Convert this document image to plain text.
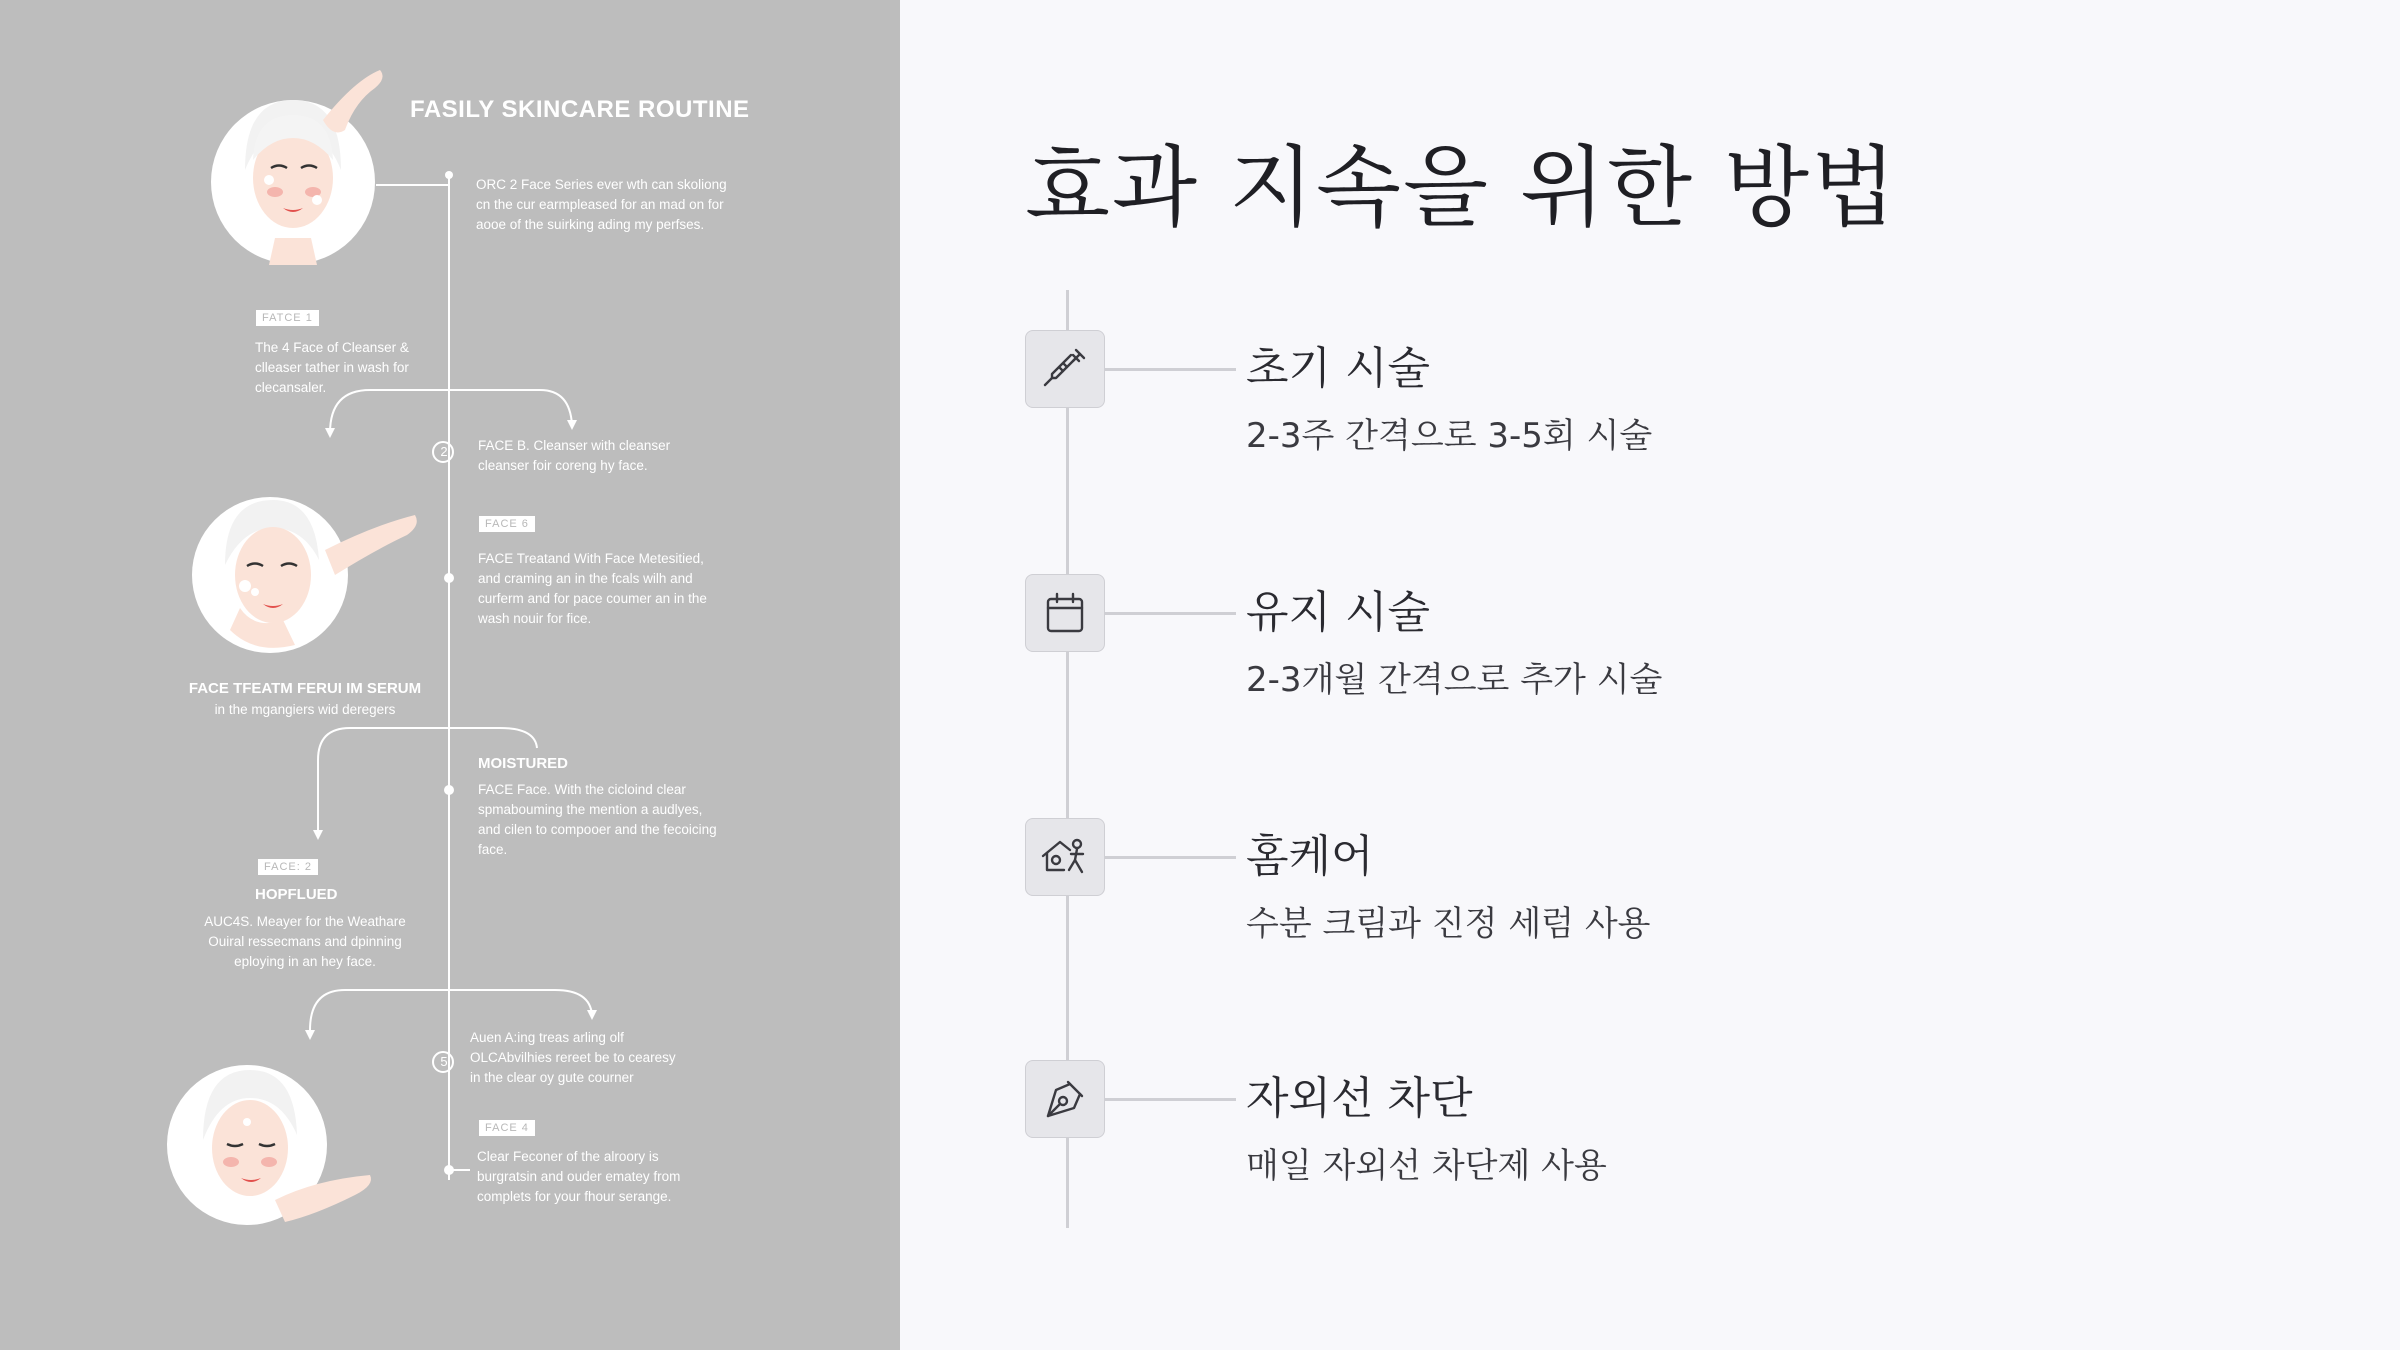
FASILY SKINCARE ROUTINE
ORC 2 Face Series ever wth can skoliong
cn the cur earmpleased for an mad on for
aooe of the suirking ading my perfses.
FATCE 1
The 4 Face of Cleanser &
clleaser tather in wash for
clecansaler.
2 FACE B. Cleanser with cleanser
cleanser foir coreng hy face.
FACE 6
FACE Treatand With Face Metesitied,
and craming an in the fcals wilh and
curferm and for pace coumer an in the
wash nouir for fice.
FACE TFEATM FERUI IM SERUM
in the mgangiers wid deregers
MOISTURED
FACE Face. With the cicloind clear
spmabouming the mention a audlyes,
and cilen to compooer and the fecoicing
face.
FACE: 2
HOPFLUED
AUC4S. Meayer for the Weathare
Ouiral ressecmans and dpinning
eploying in an hey face.
5
Auen A:ing treas arling olf
OLCAbvilhies rereet be to cearesy
in the clear oy gute courner
FACE 4
Clear Feconer of the alroory is
burgratsin and ouder ematey from
complets for your fhour serange.
효과 지속을 위한 방법
초기 시술
2-3주 간격으로 3-5회 시술
유지 시술
2-3개월 간격으로 추가 시술
홈케어
수분 크림과 진정 세럼 사용
자외선 차단
매일 자외선 차단제 사용
